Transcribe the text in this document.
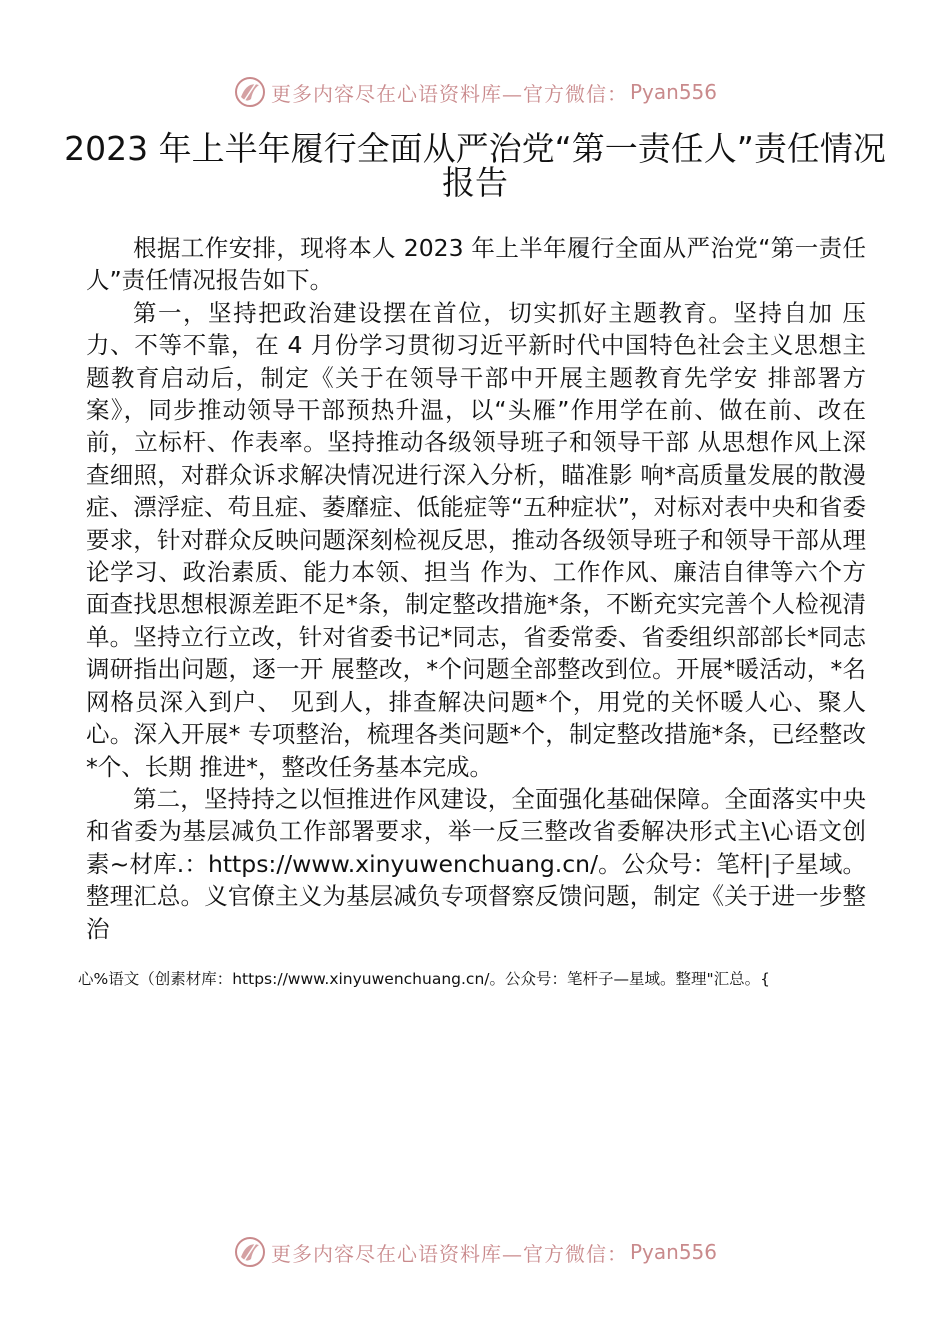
更多内容尽在心语资料库—官方微信： Pyan556
2023 年上半年履行全面从严治党“第一责任人”责任情况报告

根据工作安排，现将本人 2023 年上半年履行全面从严治党“第一责任人”责任情况报告如下。

第一，坚持把政治建设摆在首位，切实抓好主题教育。坚持自加 压力、不等不靠，在 4 月份学习贯彻习近平新时代中国特色社会主义思想主题教育启动后，制定《关于在领导干部中开展主题教育先学安 排部署方案》，同步推动领导干部预热升温，以“头雁”作用学在前、做在前、改在前，立标杆、作表率。坚持推动各级领导班子和领导干部 从思想作风上深查细照，对群众诉求解决情况进行深入分析，瞄准影 响*高质量发展的散漫症、漂浮症、苟且症、萎靡症、低能症等“五种症状”，对标对表中央和省委要求，针对群众反映问题深刻检视反思，推动各级领导班子和领导干部从理论学习、政治素质、能力本领、担当 作为、工作作风、廉洁自律等六个方面查找思想根源差距不足*条，制定整改措施*条，不断充实完善个人检视清单。坚持立行立改，针对省委书记*同志，省委常委、省委组织部部长*同志调研指出问题，逐一开 展整改，*个问题全部整改到位。开展*暖活动，*名网格员深入到户、 见到人，排查解决问题*个，用党的关怀暖人心、聚人心。深入开展* 专项整治，梳理各类问题*个，制定整改措施*条，已经整改*个、长期 推进*，整改任务基本完成。

第二，坚持持之以恒推进作风建设，全面强化基础保障。全面落实中央和省委为基层减负工作部署要求，举一反三整改省委解决形式主\心语文创素~材库.：https://www.xinyuwenchuang.cn/。公众号：笔杆|子星域。整理汇总。义官僚主义为基层减负专项督察反馈问题，制定《关于进一步整治

心%语文（创素材库：https://www.xinyuwenchuang.cn/。公众号：笔杆子—星域。整理"汇总。{
更多内容尽在心语资料库—官方微信： Pyan556
